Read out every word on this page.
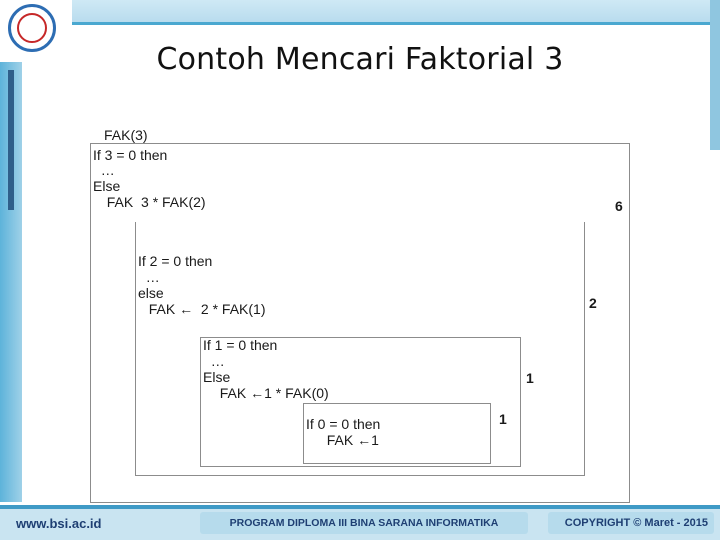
Contoh Mencari Faktorial 3
FAK(3)
If 3 = 0 then
…
Else
FAK  3 * FAK(2)	6
If 2 = 0 then
…
else
FAK ←  2 * FAK(1)	2
If 1 = 0 then
…
Else
FAK ←1 * FAK(0)
1
If 0 = 0 then
FAK ←1
1
www.bsi.ac.id	PROGRAM DIPLOMA III BINA SARANA INFORMATIKA	COPYRIGHT © Maret - 2015
